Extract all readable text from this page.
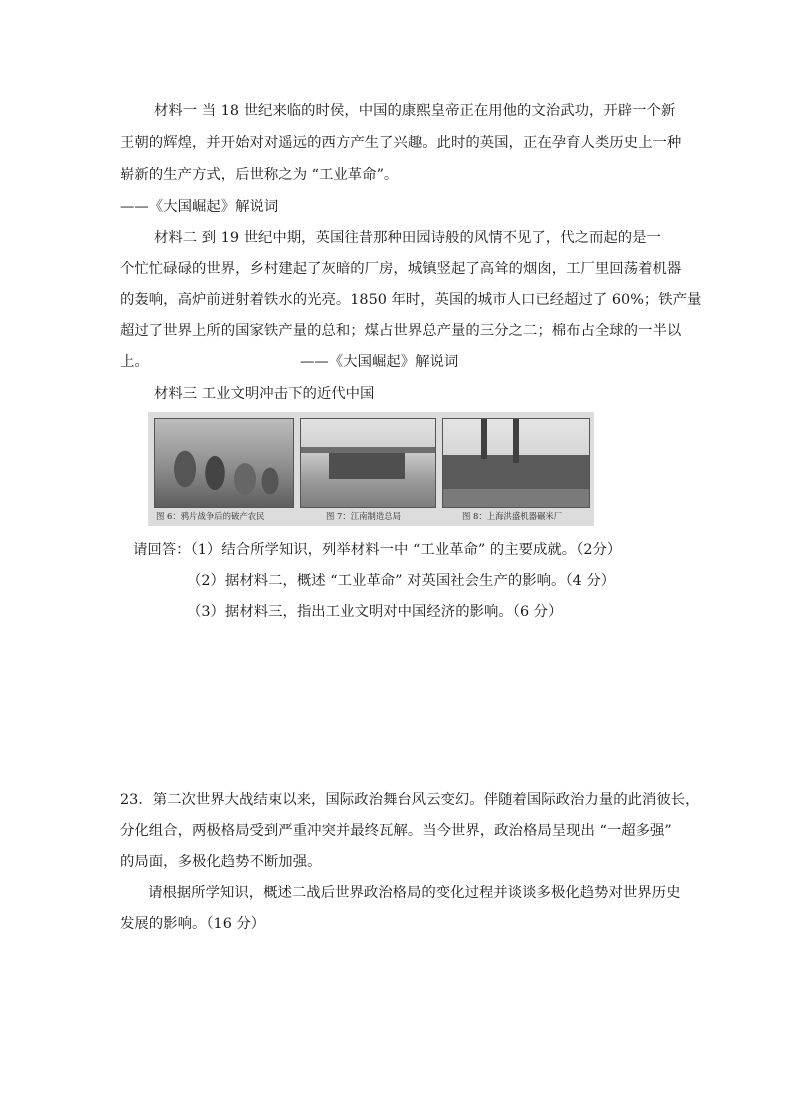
材料一 当 18 世纪来临的时侯，中国的康熙皇帝正在用他的文治武功，开辟一个新
王朝的辉煌，并开始对对遥远的西方产生了兴趣。此时的英国，正在孕育人类历史上一种
崭新的生产方式，后世称之为 “工业革命”。
——《大国崛起》解说词
材料二 到 19 世纪中期，英国往昔那种田园诗般的风情不见了，代之而起的是一
个忙忙碌碌的世界，乡村建起了灰暗的厂房，城镇竖起了高耸的烟囱，工厂里回荡着机器
的轰响，高炉前迸射着铁水的光亮。1850 年时，英国的城市人口已经超过了 60%；铁产量
超过了世界上所的国家铁产量的总和；煤占世界总产量的三分之二；棉布占全球的一半以
上。	——《大国崛起》解说词
材料三 工业文明冲击下的近代中国
图 6：鸦片战争后的破产农民	图 7：江南制造总局	图 8：上海洪盛机器碾米厂
请回答：（1）结合所学知识，列举材料一中 “工业革命” 的主要成就。（2分）
（2）据材料二，概述 “工业革命” 对英国社会生产的影响。（4 分）
（3）据材料三，指出工业文明对中国经济的影响。（6 分）
23．第二次世界大战结束以来，国际政治舞台风云变幻。伴随着国际政治力量的此消彼长，
分化组合，两极格局受到严重冲突并最终瓦解。当今世界，政治格局呈现出 “一超多强”
的局面，多极化趋势不断加强。
请根据所学知识，概述二战后世界政治格局的变化过程并谈谈多极化趋势对世界历史
发展的影响。（16 分）
